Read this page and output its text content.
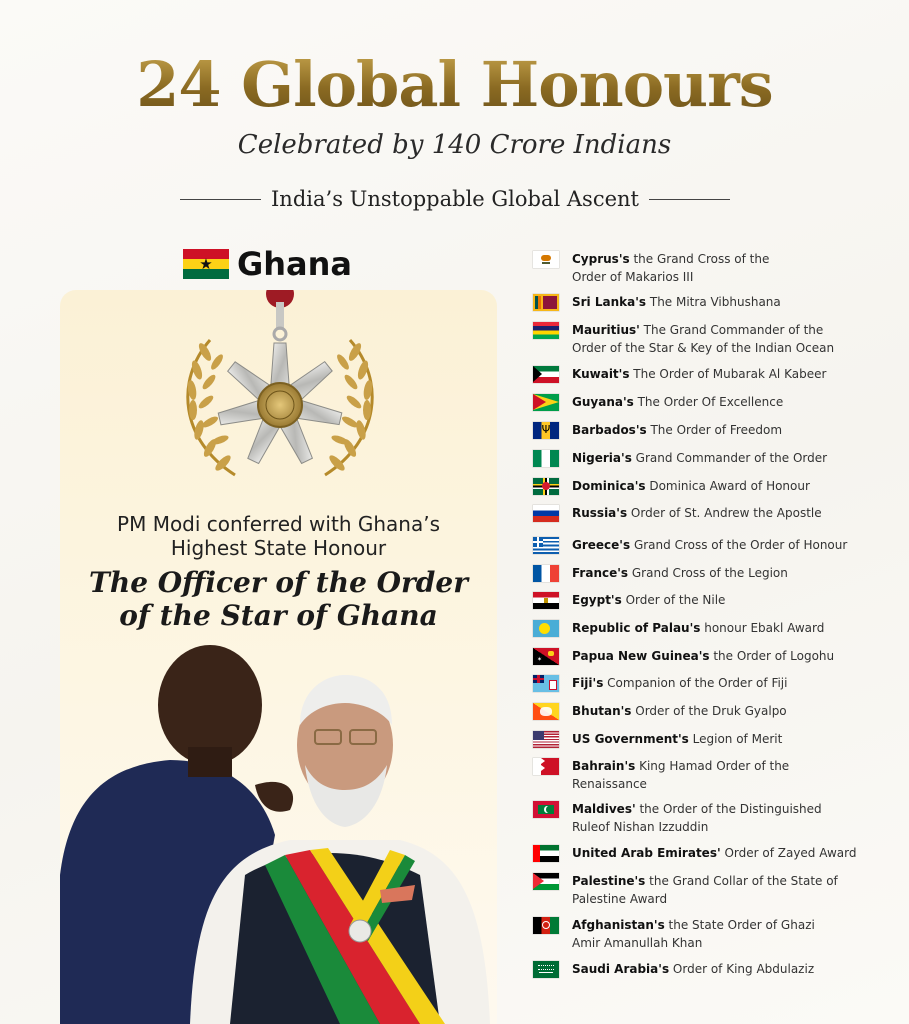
24 Global Honours
Celebrated by 140 Crore Indians
India’s Unstoppable Global Ascent
★ Ghana
PM Modi conferred with Ghana’s
Highest State Honour
The Officer of the Order
of the Star of Ghana
Cyprus's the Grand Cross of the
Order of Makarios III
Sri Lanka's The Mitra Vibhushana
Mauritius' The Grand Commander of the
Order of the Star & Key of the Indian Ocean
Kuwait's The Order of Mubarak Al Kabeer
Guyana's The Order Of Excellence
Ψ	Barbados's The Order of Freedom
Nigeria's Grand Commander of the Order
Dominica's Dominica Award of Honour
Russia's Order of St. Andrew the Apostle
Greece's Grand Cross of the Order of Honour
France's Grand Cross of the Legion
Egypt's Order of the Nile
Republic of Palau's honour Ebakl Award
✶ Papua New Guinea's the Order of Logohu
Fiji's Companion of the Order of Fiji
Bhutan's Order of the Druk Gyalpo
US Government's Legion of Merit
Bahrain's King Hamad Order of the
Renaissance
Maldives' the Order of the Distinguished
Ruleof Nishan Izzuddin
United Arab Emirates' Order of Zayed Award
Palestine's the Grand Collar of the State of
Palestine Award
Afghanistan's the State Order of Ghazi
Amir Amanullah Khan
Saudi Arabia's Order of King Abdulaziz
